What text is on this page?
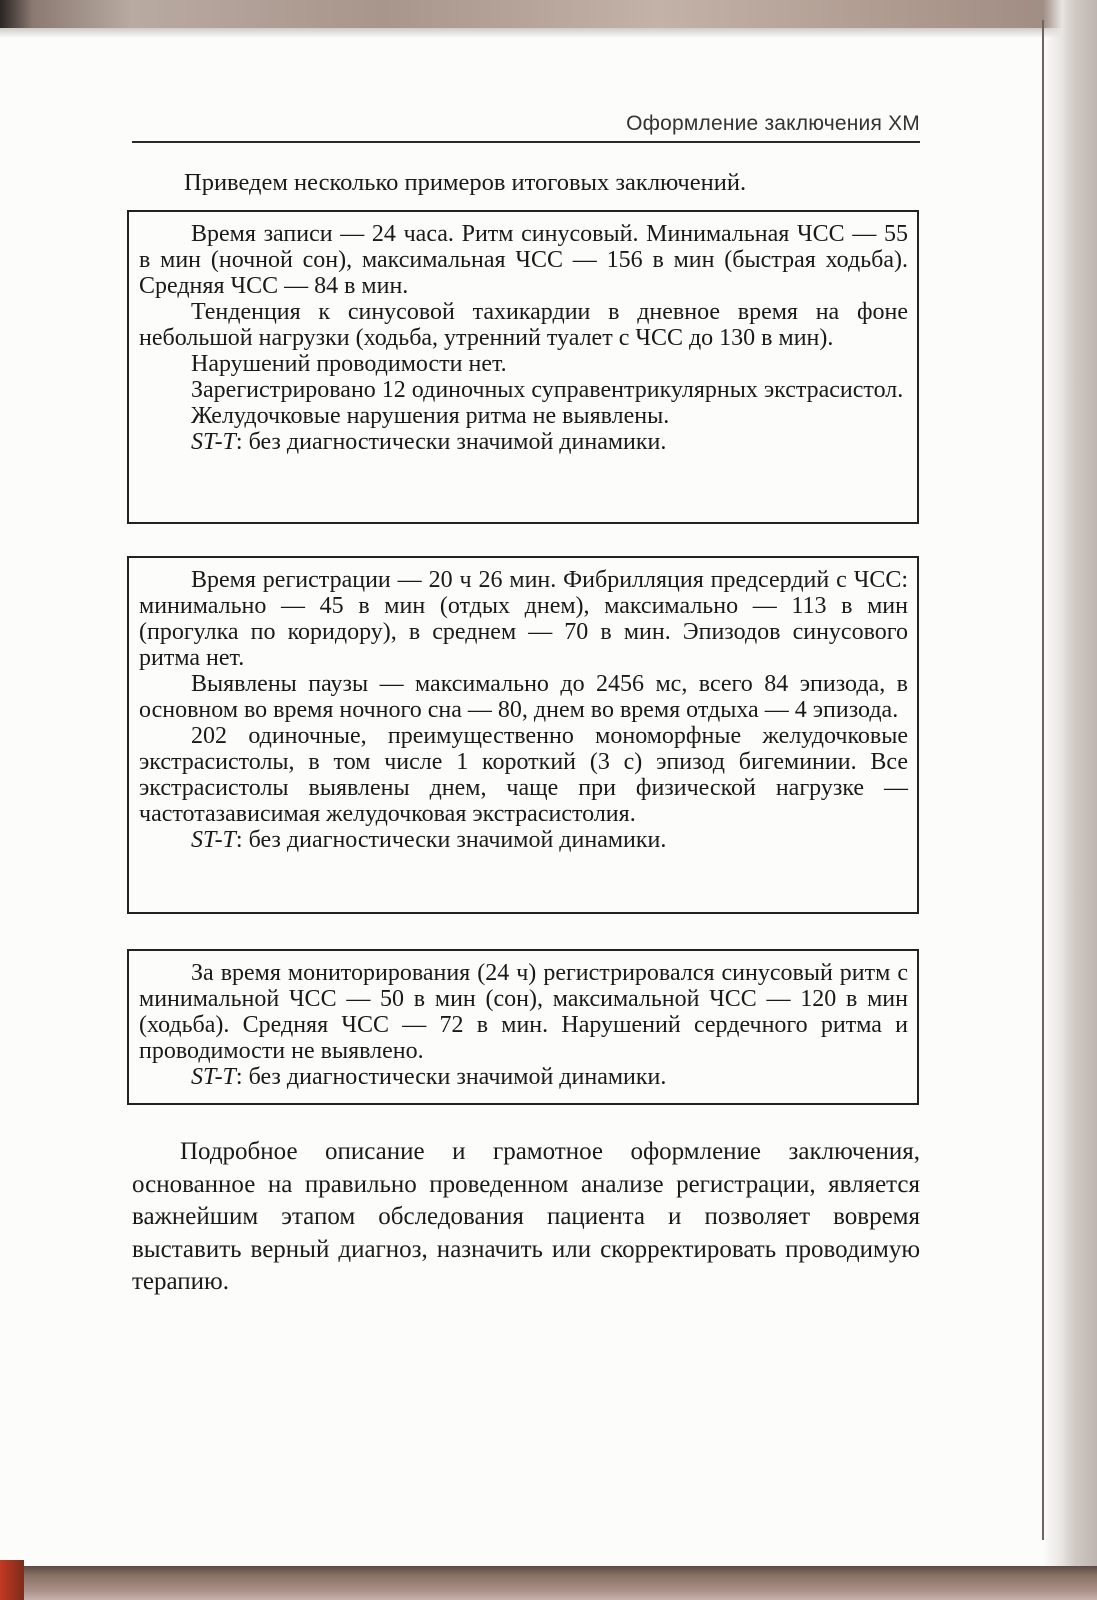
Оформление заключения ХМ
Приведем несколько примеров итоговых заключений.

Время записи — 24 часа. Ритм синусовый. Минимальная ЧСС — 55 в мин (ночной сон), максимальная ЧСС — 156 в мин (быстрая ходьба). Средняя ЧСС — 84 в мин.

Тенденция к синусовой тахикардии в дневное время на фоне небольшой нагрузки (ходьба, утренний туалет с ЧСС до 130 в мин).

Нарушений проводимости нет.

Зарегистрировано 12 одиночных суправентрикулярных экстрасистол.

Желудочковые нарушения ритма не выявлены.

ST-T: без диагностически значимой динамики.

Время регистрации — 20 ч 26 мин. Фибрилляция предсердий с ЧСС: минимально — 45 в мин (отдых днем), максимально — 113 в мин (прогулка по коридору), в среднем — 70 в мин. Эпизодов синусового ритма нет.

Выявлены паузы — максимально до 2456 мс, всего 84 эпизода, в основном во время ночного сна — 80, днем во время отдыха — 4 эпизода.

202 одиночные, преимущественно мономорфные желудочковые экстрасистолы, в том числе 1 короткий (3 с) эпизод бигеминии. Все экстрасистолы выявлены днем, чаще при физической нагрузке — частотазависимая желудочковая экстрасистолия.

ST-T: без диагностически значимой динамики.

За время мониторирования (24 ч) регистрировался синусовый ритм с минимальной ЧСС — 50 в мин (сон), максимальной ЧСС — 120 в мин (ходьба). Средняя ЧСС — 72 в мин. Нарушений сердечного ритма и проводимости не выявлено.

ST-T: без диагностически значимой динамики.

Подробное описание и грамотное оформление заключения, основанное на правильно проведенном анализе регистрации, является важнейшим этапом обследования пациента и позволяет вовремя выставить верный диагноз, назначить или скорректировать проводимую терапию.
